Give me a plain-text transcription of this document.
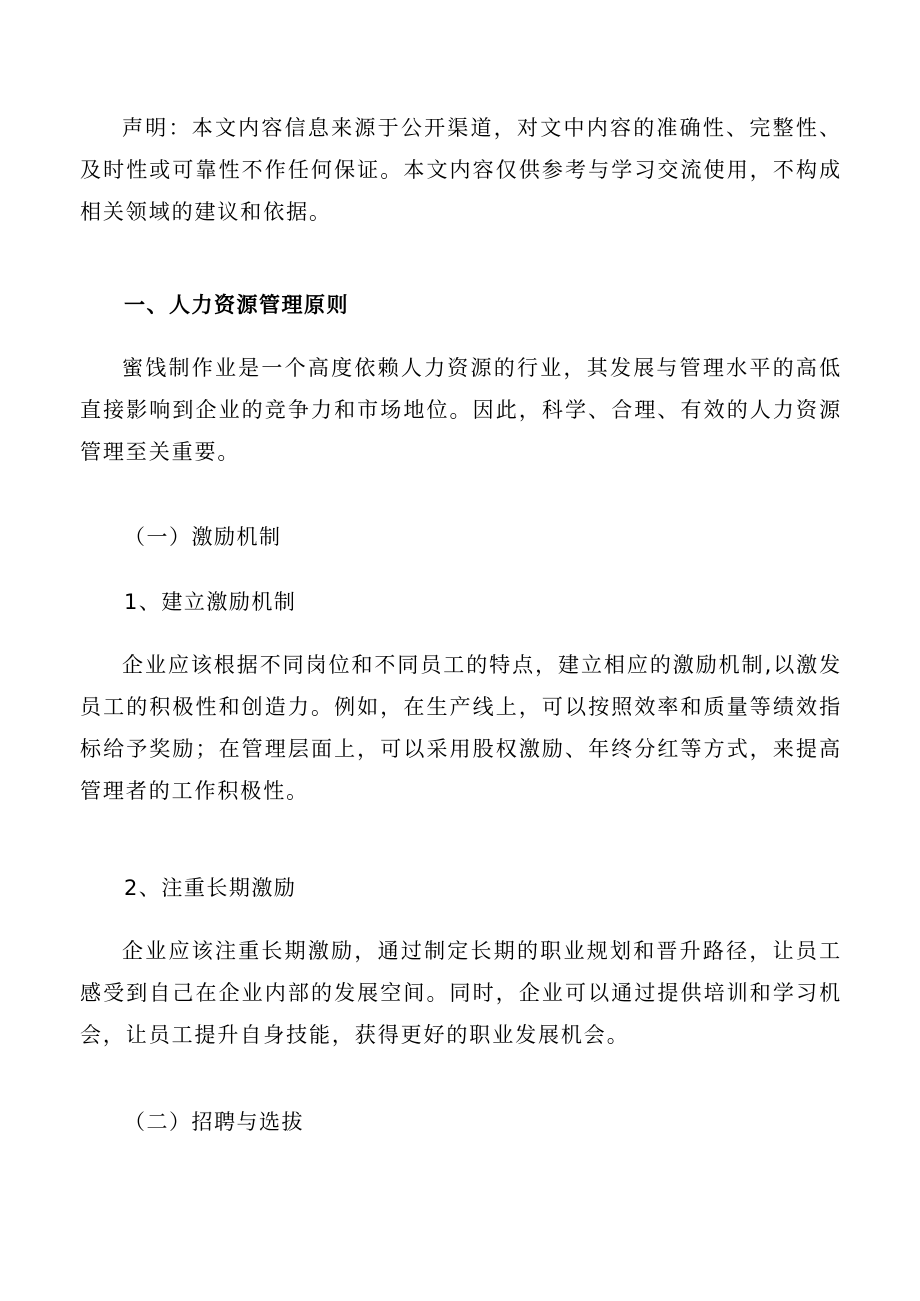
声明：本文内容信息来源于公开渠道，对文中内容的准确性、完整性、及时性或可靠性不作任何保证。本文内容仅供参考与学习交流使用，不构成相关领域的建议和依据。

一、人力资源管理原则

蜜饯制作业是一个高度依赖人力资源的行业，其发展与管理水平的高低直接影响到企业的竞争力和市场地位。因此，科学、合理、有效的人力资源管理至关重要。

（一）激励机制
1、建立激励机制

企业应该根据不同岗位和不同员工的特点，建立相应的激励机制,以激发员工的积极性和创造力。例如，在生产线上，可以按照效率和质量等绩效指标给予奖励；在管理层面上，可以采用股权激励、年终分红等方式，来提高管理者的工作积极性。

2、注重长期激励

企业应该注重长期激励，通过制定长期的职业规划和晋升路径，让员工感受到自己在企业内部的发展空间。同时，企业可以通过提供培训和学习机会，让员工提升自身技能，获得更好的职业发展机会。

（二）招聘与选拔
